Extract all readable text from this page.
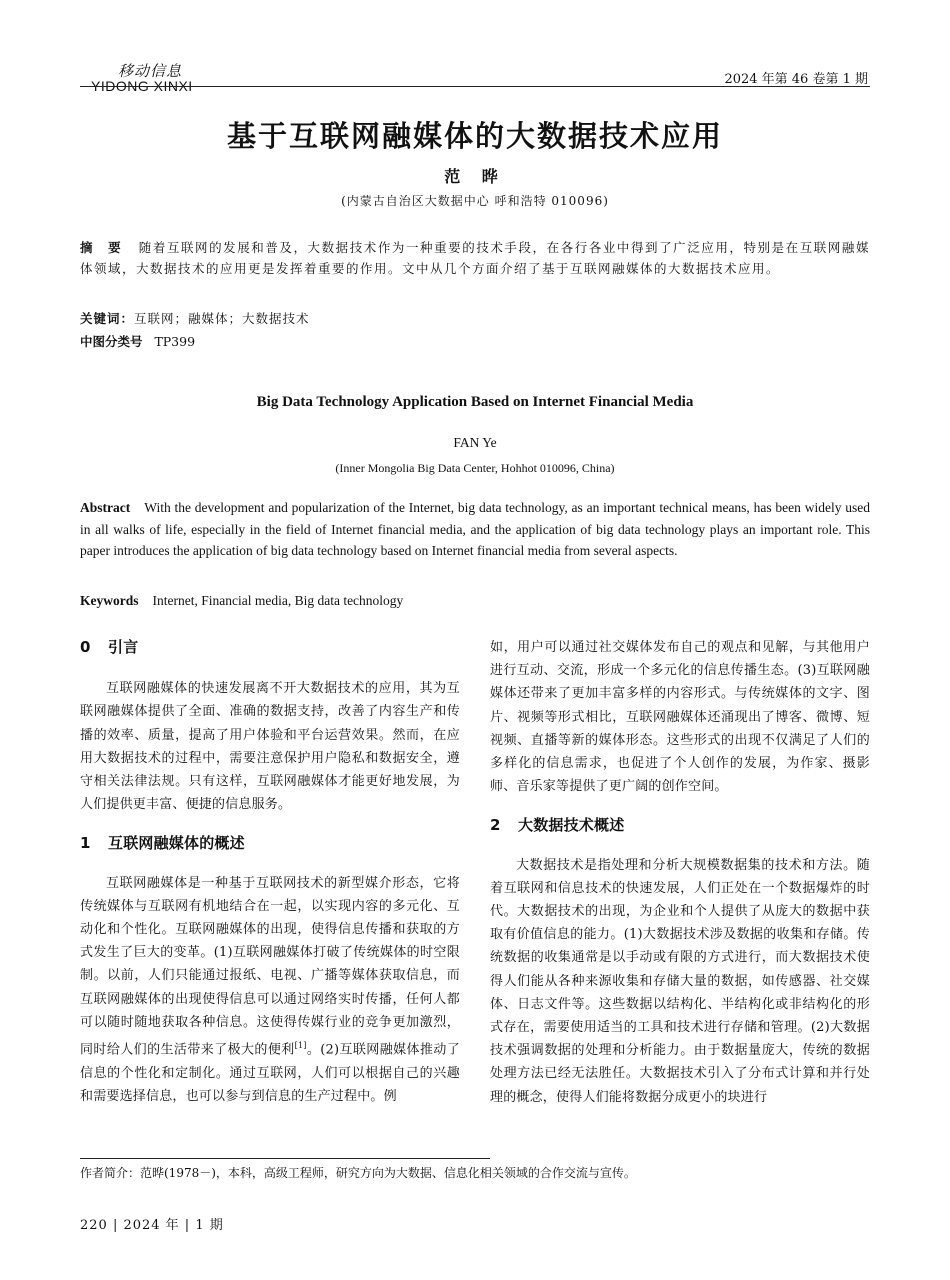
移动信息
YIDONG XINXI	2024 年第 46 卷第 1 期
基于互联网融媒体的大数据技术应用
范 晔
(内蒙古自治区大数据中心 呼和浩特 010096)
摘　要 随着互联网的发展和普及，大数据技术作为一种重要的技术手段，在各行各业中得到了广泛应用，特别是在互联网融媒体领域，大数据技术的应用更是发挥着重要的作用。文中从几个方面介绍了基于互联网融媒体的大数据技术应用。
关键词：互联网；融媒体；大数据技术
中图分类号 TP399
Big Data Technology Application Based on Internet Financial Media
FAN Ye
(Inner Mongolia Big Data Center, Hohhot 010096, China)
Abstract With the development and popularization of the Internet, big data technology, as an important technical means, has been widely used in all walks of life, especially in the field of Internet financial media, and the application of big data technology plays an important role. This paper introduces the application of big data technology based on Internet financial media from several aspects.
Keywords Internet, Financial media, Big data technology
0 引言

互联网融媒体的快速发展离不开大数据技术的应用，其为互联网融媒体提供了全面、准确的数据支持，改善了内容生产和传播的效率、质量，提高了用户体验和平台运营效果。然而，在应用大数据技术的过程中，需要注意保护用户隐私和数据安全，遵守相关法律法规。只有这样，互联网融媒体才能更好地发展，为人们提供更丰富、便捷的信息服务。

1 互联网融媒体的概述

互联网融媒体是一种基于互联网技术的新型媒介形态，它将传统媒体与互联网有机地结合在一起，以实现内容的多元化、互动化和个性化。互联网融媒体的出现，使得信息传播和获取的方式发生了巨大的变革。(1)互联网融媒体打破了传统媒体的时空限制。以前，人们只能通过报纸、电视、广播等媒体获取信息，而互联网融媒体的出现使得信息可以通过网络实时传播，任何人都可以随时随地获取各种信息。这使得传媒行业的竞争更加激烈，同时给人们的生活带来了极大的便利[1]。(2)互联网融媒体推动了信息的个性化和定制化。通过互联网，人们可以根据自己的兴趣和需要选择信息，也可以参与到信息的生产过程中。例

如，用户可以通过社交媒体发布自己的观点和见解，与其他用户进行互动、交流，形成一个多元化的信息传播生态。(3)互联网融媒体还带来了更加丰富多样的内容形式。与传统媒体的文字、图片、视频等形式相比，互联网融媒体还涌现出了博客、微博、短视频、直播等新的媒体形态。这些形式的出现不仅满足了人们的多样化的信息需求，也促进了个人创作的发展，为作家、摄影师、音乐家等提供了更广阔的创作空间。

2 大数据技术概述

大数据技术是指处理和分析大规模数据集的技术和方法。随着互联网和信息技术的快速发展，人们正处在一个数据爆炸的时代。大数据技术的出现，为企业和个人提供了从庞大的数据中获取有价值信息的能力。(1)大数据技术涉及数据的收集和存储。传统数据的收集通常是以手动或有限的方式进行，而大数据技术使得人们能从各种来源收集和存储大量的数据，如传感器、社交媒体、日志文件等。这些数据以结构化、半结构化或非结构化的形式存在，需要使用适当的工具和技术进行存储和管理。(2)大数据技术强调数据的处理和分析能力。由于数据量庞大，传统的数据处理方法已经无法胜任。大数据技术引入了分布式计算和并行处理的概念，使得人们能将数据分成更小的块进行

作者简介：范晔(1978－)，本科，高级工程师，研究方向为大数据、信息化相关领域的合作交流与宣传。
220 | 2024 年 | 1 期
